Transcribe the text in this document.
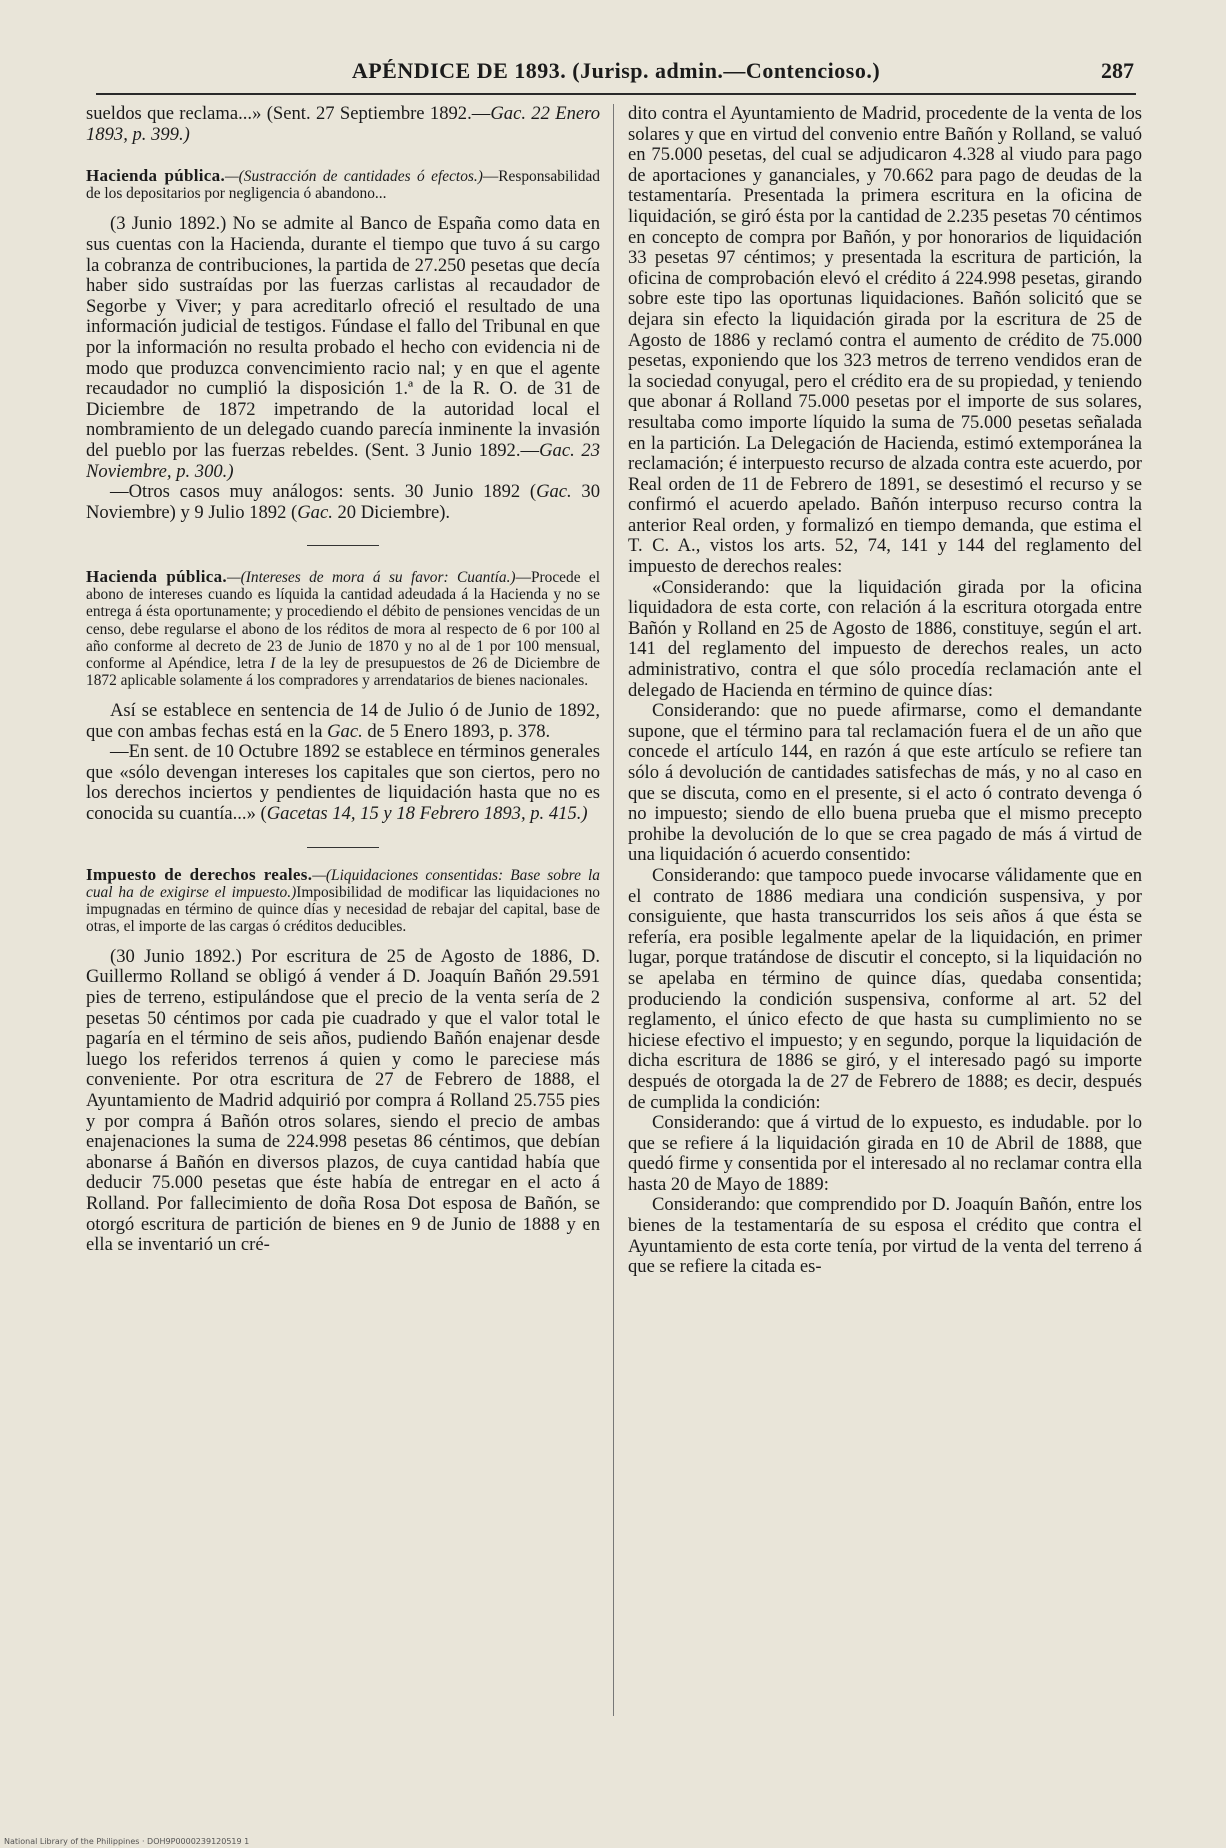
APÉNDICE DE 1893. (Jurisp. admin.—Contencioso.)	287

sueldos que reclama...» (Sent. 27 Septiembre 1892.—Gac. 22 Enero 1893, p. 399.)

Hacienda pública.—(Sustracción de cantidades ó efectos.)—Responsabilidad de los depositarios por negligencia ó abandono...

(3 Junio 1892.) No se admite al Banco de España como data en sus cuentas con la Hacienda, durante el tiempo que tuvo á su cargo la cobranza de contribuciones, la partida de 27.250 pesetas que decía haber sido sustraídas por las fuerzas carlistas al recaudador de Segorbe y Viver; y para acreditarlo ofreció el resultado de una información judicial de testigos. Fúndase el fallo del Tribunal en que por la información no resulta probado el hecho con evidencia ni de modo que produzca convencimiento racio nal; y en que el agente recaudador no cumplió la disposición 1.ª de la R. O. de 31 de Diciembre de 1872 impetrando de la autoridad local el nombramiento de un delegado cuando parecía inminente la invasión del pueblo por las fuerzas rebeldes. (Sent. 3 Junio 1892.—Gac. 23 Noviembre, p. 300.)

—Otros casos muy análogos: sents. 30 Junio 1892 (Gac. 30 Noviembre) y 9 Julio 1892 (Gac. 20 Diciembre).

Hacienda pública.—(Intereses de mora á su favor: Cuantía.)—Procede el abono de intereses cuando es líquida la cantidad adeudada á la Hacienda y no se entrega á ésta oportunamente; y procediendo el débito de pensiones vencidas de un censo, debe regularse el abono de los réditos de mora al respecto de 6 por 100 al año conforme al decreto de 23 de Junio de 1870 y no al de 1 por 100 mensual, conforme al Apéndice, letra I de la ley de presupuestos de 26 de Diciembre de 1872 aplicable solamente á los compradores y arrendatarios de bienes nacionales.

Así se establece en sentencia de 14 de Julio ó de Junio de 1892, que con ambas fechas está en la Gac. de 5 Enero 1893, p. 378.

—En sent. de 10 Octubre 1892 se establece en términos generales que «sólo devengan intereses los capitales que son ciertos, pero no los derechos inciertos y pendientes de liquidación hasta que no es conocida su cuantía...» (Gacetas 14, 15 y 18 Febrero 1893, p. 415.)

Impuesto de derechos reales.—(Liquidaciones consentidas: Base sobre la cual ha de exigirse el impuesto.)Imposibilidad de modificar las liquidaciones no impugnadas en término de quince días y necesidad de rebajar del capital, base de otras, el importe de las cargas ó créditos deducibles.

(30 Junio 1892.) Por escritura de 25 de Agosto de 1886, D. Guillermo Rolland se obligó á vender á D. Joaquín Bañón 29.591 pies de terreno, estipulándose que el precio de la venta sería de 2 pesetas 50 céntimos por cada pie cuadrado y que el valor total le pagaría en el término de seis años, pudiendo Bañón enajenar desde luego los referidos terrenos á quien y como le pareciese más conveniente. Por otra escritura de 27 de Febrero de 1888, el Ayuntamiento de Madrid adquirió por compra á Rolland 25.755 pies y por compra á Bañón otros solares, siendo el precio de ambas enajenaciones la suma de 224.998 pesetas 86 céntimos, que debían abonarse á Bañón en diversos plazos, de cuya cantidad había que deducir 75.000 pesetas que éste había de entregar en el acto á Rolland. Por fallecimiento de doña Rosa Dot esposa de Bañón, se otorgó escritura de partición de bienes en 9 de Junio de 1888 y en ella se inventarió un cré-

dito contra el Ayuntamiento de Madrid, procedente de la venta de los solares y que en virtud del convenio entre Bañón y Rolland, se valuó en 75.000 pesetas, del cual se adjudicaron 4.328 al viudo para pago de aportaciones y gananciales, y 70.662 para pago de deudas de la testamentaría. Presentada la primera escritura en la oficina de liquidación, se giró ésta por la cantidad de 2.235 pesetas 70 céntimos en concepto de compra por Bañón, y por honorarios de liquidación 33 pesetas 97 céntimos; y presentada la escritura de partición, la oficina de comprobación elevó el crédito á 224.998 pesetas, girando sobre este tipo las oportunas liquidaciones. Bañón solicitó que se dejara sin efecto la liquidación girada por la escritura de 25 de Agosto de 1886 y reclamó contra el aumento de crédito de 75.000 pesetas, exponiendo que los 323 metros de terreno vendidos eran de la sociedad conyugal, pero el crédito era de su propiedad, y teniendo que abonar á Rolland 75.000 pesetas por el importe de sus solares, resultaba como importe líquido la suma de 75.000 pesetas señalada en la partición. La Delegación de Hacienda, estimó extemporánea la reclamación; é interpuesto recurso de alzada contra este acuerdo, por Real orden de 11 de Febrero de 1891, se desestimó el recurso y se confirmó el acuerdo apelado. Bañón interpuso recurso contra la anterior Real orden, y formalizó en tiempo demanda, que estima el T. C. A., vistos los arts. 52, 74, 141 y 144 del reglamento del impuesto de derechos reales:

«Considerando: que la liquidación girada por la oficina liquidadora de esta corte, con relación á la escritura otorgada entre Bañón y Rolland en 25 de Agosto de 1886, constituye, según el art. 141 del reglamento del impuesto de derechos reales, un acto administrativo, contra el que sólo procedía reclamación ante el delegado de Hacienda en término de quince días:

Considerando: que no puede afirmarse, como el demandante supone, que el término para tal reclamación fuera el de un año que concede el artículo 144, en razón á que este artículo se refiere tan sólo á devolución de cantidades satisfechas de más, y no al caso en que se discuta, como en el presente, si el acto ó contrato devenga ó no impuesto; siendo de ello buena prueba que el mismo precepto prohibe la devolución de lo que se crea pagado de más á virtud de una liquidación ó acuerdo consentido:

Considerando: que tampoco puede invocarse válidamente que en el contrato de 1886 mediara una condición suspensiva, y por consiguiente, que hasta transcurridos los seis años á que ésta se refería, era posible legalmente apelar de la liquidación, en primer lugar, porque tratándose de discutir el concepto, si la liquidación no se apelaba en término de quince días, quedaba consentida; produciendo la condición suspensiva, conforme al art. 52 del reglamento, el único efecto de que hasta su cumplimiento no se hiciese efectivo el impuesto; y en segundo, porque la liquidación de dicha escritura de 1886 se giró, y el interesado pagó su importe después de otorgada la de 27 de Febrero de 1888; es decir, después de cumplida la condición:

Considerando: que á virtud de lo expuesto, es indudable. por lo que se refiere á la liquidación girada en 10 de Abril de 1888, que quedó firme y consentida por el interesado al no reclamar contra ella hasta 20 de Mayo de 1889:

Considerando: que comprendido por D. Joaquín Bañón, entre los bienes de la testamentaría de su esposa el crédito que contra el Ayuntamiento de esta corte tenía, por virtud de la venta del terreno á que se refiere la citada es-

National Library of the Philippines · DOH9P0000239120519 1
